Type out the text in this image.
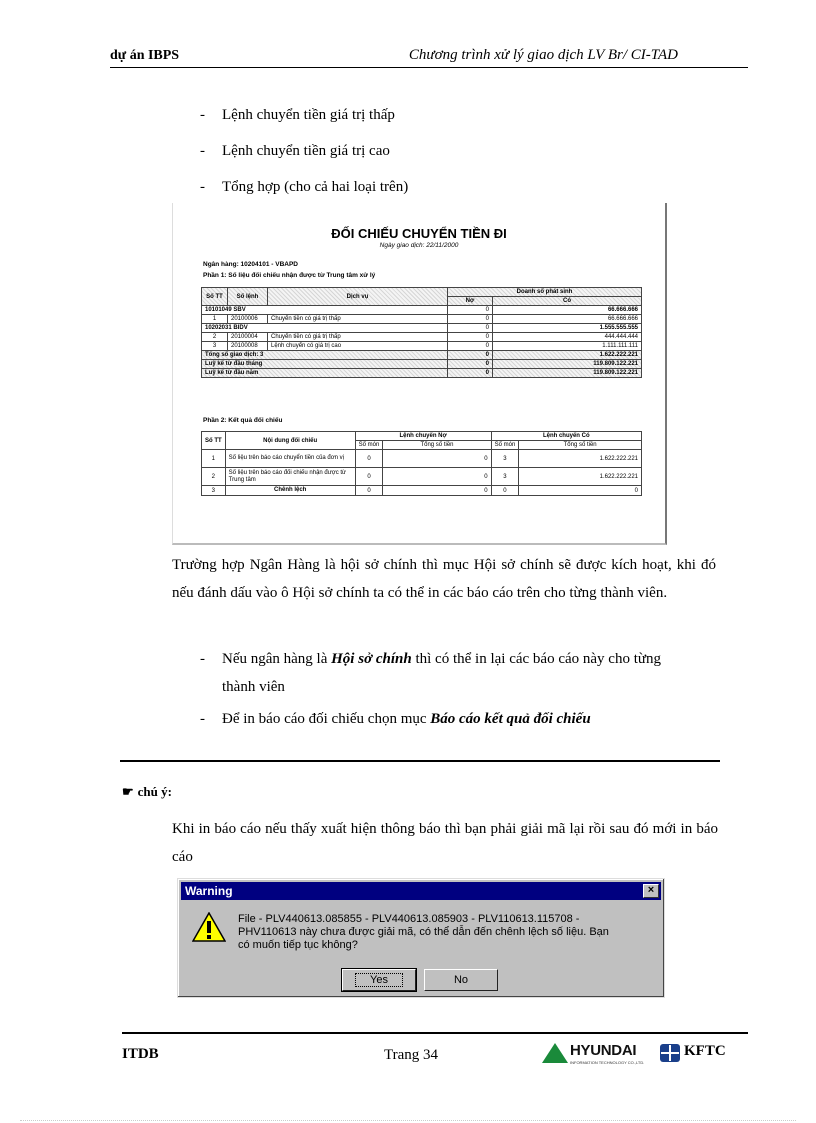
dự án IBPS	Chương trình xử lý giao dịch LV Br/ CI-TAD
- Lệnh chuyển tiền giá trị thấp
- Lệnh chuyển tiền giá trị cao
- Tổng hợp (cho cả hai loại trên)
ĐỐI CHIẾU CHUYỂN TIỀN ĐI
Ngày giao dịch: 22/11/2000
Ngân hàng: 10204101 - VBAPD
Phần 1: Số liệu đối chiếu nhận được từ Trung tâm xử lý
Số TT	Số lệnh	Dịch vụ	Doanh số phát sinh	
			Nợ	Có
10101049 SBV			0	66.666.666
1	20100006	Chuyển tiền có giá trị thấp	0	66.666.666
10202031 BIDV			0	1.555.555.555
2	20100004	Chuyển tiền có giá trị thấp	0	444.444.444
3	20100008	Lệnh chuyển có giá trị cao	0	1.111.111.111
Tổng số giao dịch: 3			0	1.622.222.221
Luỹ kế từ đầu tháng			0	119.809.122.221
Luỹ kế từ đầu năm			0	119.809.122.221
Phần 2: Kết quả đối chiếu
Số TT	Nội dung đối chiếu	Lệnh chuyển Nợ		Lệnh chuyển Có	
		Số món	Tổng số tiền	Số món	Tổng số tiền
1	Số liệu trên báo cáo chuyển tiền của đơn vị	0	0	3	1.622.222.221
2	Số liệu trên báo cáo đối chiếu nhận được từ Trung tâm	0	0	3	1.622.222.221
3	Chênh lệch	0	0	0	0
Trường hợp Ngân Hàng là hội sở chính thì mục Hội sở chính sẽ được kích hoạt, khi đó nếu đánh dấu vào ô Hội sở chính ta có thể in các báo cáo trên cho từng thành viên.
- Nếu ngân hàng là Hội sở chính thì có thể in lại các báo cáo này cho từng
thành viên
- Để in báo cáo đối chiếu chọn mục Báo cáo kết quả đối chiếu
☛ chú ý:
Khi in báo cáo nếu thấy xuất hiện thông báo thì bạn phải giải mã lại rồi sau đó mới in báo cáo
Warning	×
File - PLV440613.085855 - PLV440613.085903 - PLV110613.115708 -
PHV110613 này chưa được giải mã, có thể dẫn đến chênh lệch số liệu. Bạn
có muốn tiếp tục không?
Yes	No
ITDB	Trang 34	HYUNDAI
INFORMATION TECHNOLOGY CO.,LTD.
KFTC
